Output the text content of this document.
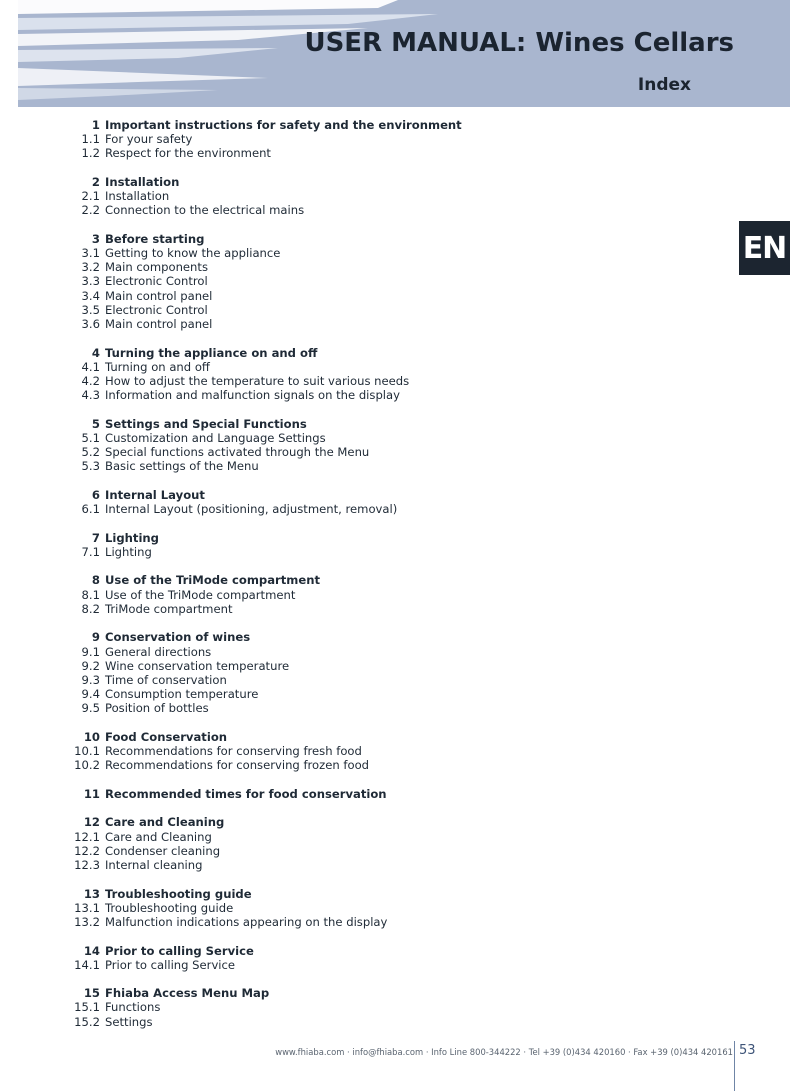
USER MANUAL: Wines Cellars
Index
EN
1 Important instructions for safety and the environment
1.1 For your safety
1.2 Respect for the environment
2 Installation
2.1 Installation
2.2 Connection to the electrical mains
3 Before starting
3.1 Getting to know the appliance
3.2 Main components
3.3 Electronic Control
3.4 Main control panel
3.5 Electronic Control
3.6 Main control panel
4 Turning the appliance on and off
4.1 Turning on and off
4.2 How to adjust the temperature to suit various needs
4.3 Information and malfunction signals on the display
5 Settings and Special Functions
5.1 Customization and Language Settings
5.2 Special functions activated through the Menu
5.3 Basic settings of the Menu
6 Internal Layout
6.1 Internal Layout (positioning, adjustment, removal)
7 Lighting
7.1 Lighting
8 Use of the TriMode compartment
8.1 Use of the TriMode compartment
8.2 TriMode compartment
9 Conservation of wines
9.1 General directions
9.2 Wine conservation temperature
9.3 Time of conservation
9.4 Consumption temperature
9.5 Position of bottles
10 Food Conservation
10.1 Recommendations for conserving fresh food
10.2 Recommendations for conserving frozen food
11 Recommended times for food conservation
12 Care and Cleaning
12.1 Care and Cleaning
12.2 Condenser cleaning
12.3 Internal cleaning
13 Troubleshooting guide
13.1 Troubleshooting guide
13.2 Malfunction indications appearing on the display
14 Prior to calling Service
14.1 Prior to calling Service
15 Fhiaba Access Menu Map
15.1 Functions
15.2 Settings
www.fhiaba.com · info@fhiaba.com · Info Line 800-344222 · Tel +39 (0)434 420160 · Fax +39 (0)434 420161 53
